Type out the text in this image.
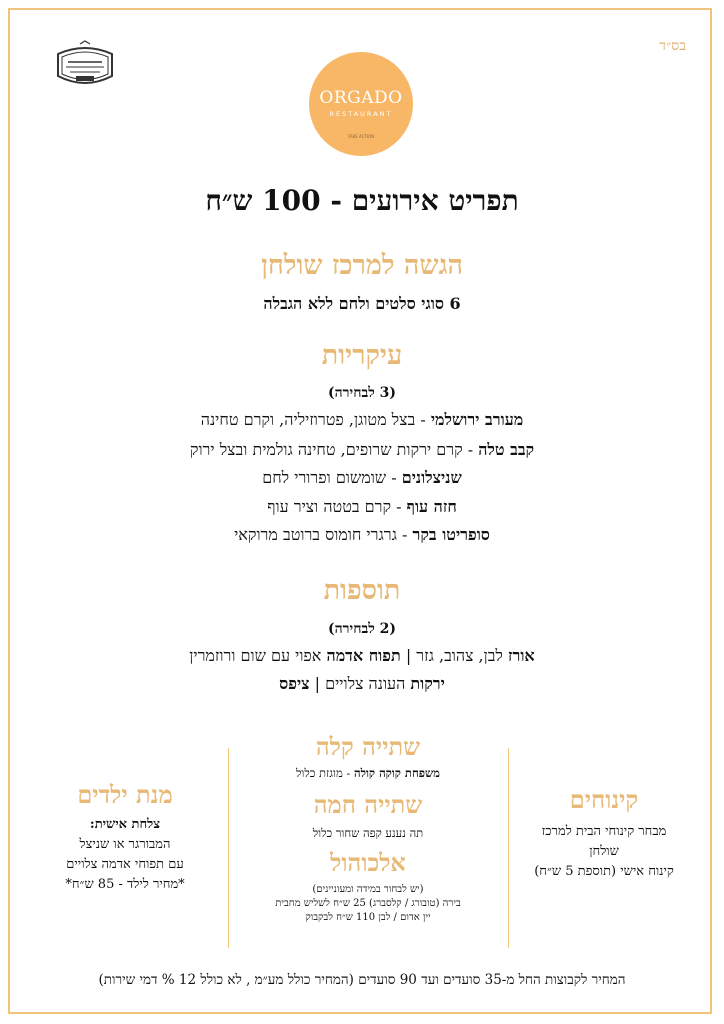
בס״ד
ORGADO
RESTAURANT
TAKE ACTION
תפריט אירועים - 100 ש״ח
הגשה למרכז שולחן
6 סוגי סלטים ולחם ללא הגבלה
עיקריות
(3 לבחירה)
מעורב ירושלמי - בצל מטוגן, פטרוזיליה, וקרם טחינה
קבב טלה - קרם ירקות שרופים, טחינה גולמית ובצל ירוק
שניצלונים - שומשום ופרורי לחם
חזה עוף - קרם בטטה וציר עוף
סופריטו בקר - גרגרי חומוס ברוטב מרוקאי
תוספות
(2 לבחירה)
אורז לבן, צהוב, גזר | תפוח אדמה אפוי עם שום ורוזמרין
ירקות העונה צלויים | ציפס
מנת ילדים
צלחת אישית:
המבורגר או שניצל
עם תפוחי אדמה צלויים
*מחיר לילד - 85 ש״ח*
שתייה קלה
משפחת קוקה קולה - מוגזת כלול
שתייה חמה
תה נענע קפה שחור כלול
אלכוהול
(יש לבחור במידה ומעוניינים)
בירה (טובורג / קלסברג) 25 ש״ח לשליש מחבית
יין אדום / לבן 110 ש״ח לבקבוק
קינוחים
מבחר קינוחי הבית למרכז
שולחן
קינוח אישי (תוספת 5 ש״ח)
המחיר לקבוצות החל מ-35 סועדים ועד 90 סועדים (המחיר כולל מע״מ , לא כולל 12 % דמי שירות)
